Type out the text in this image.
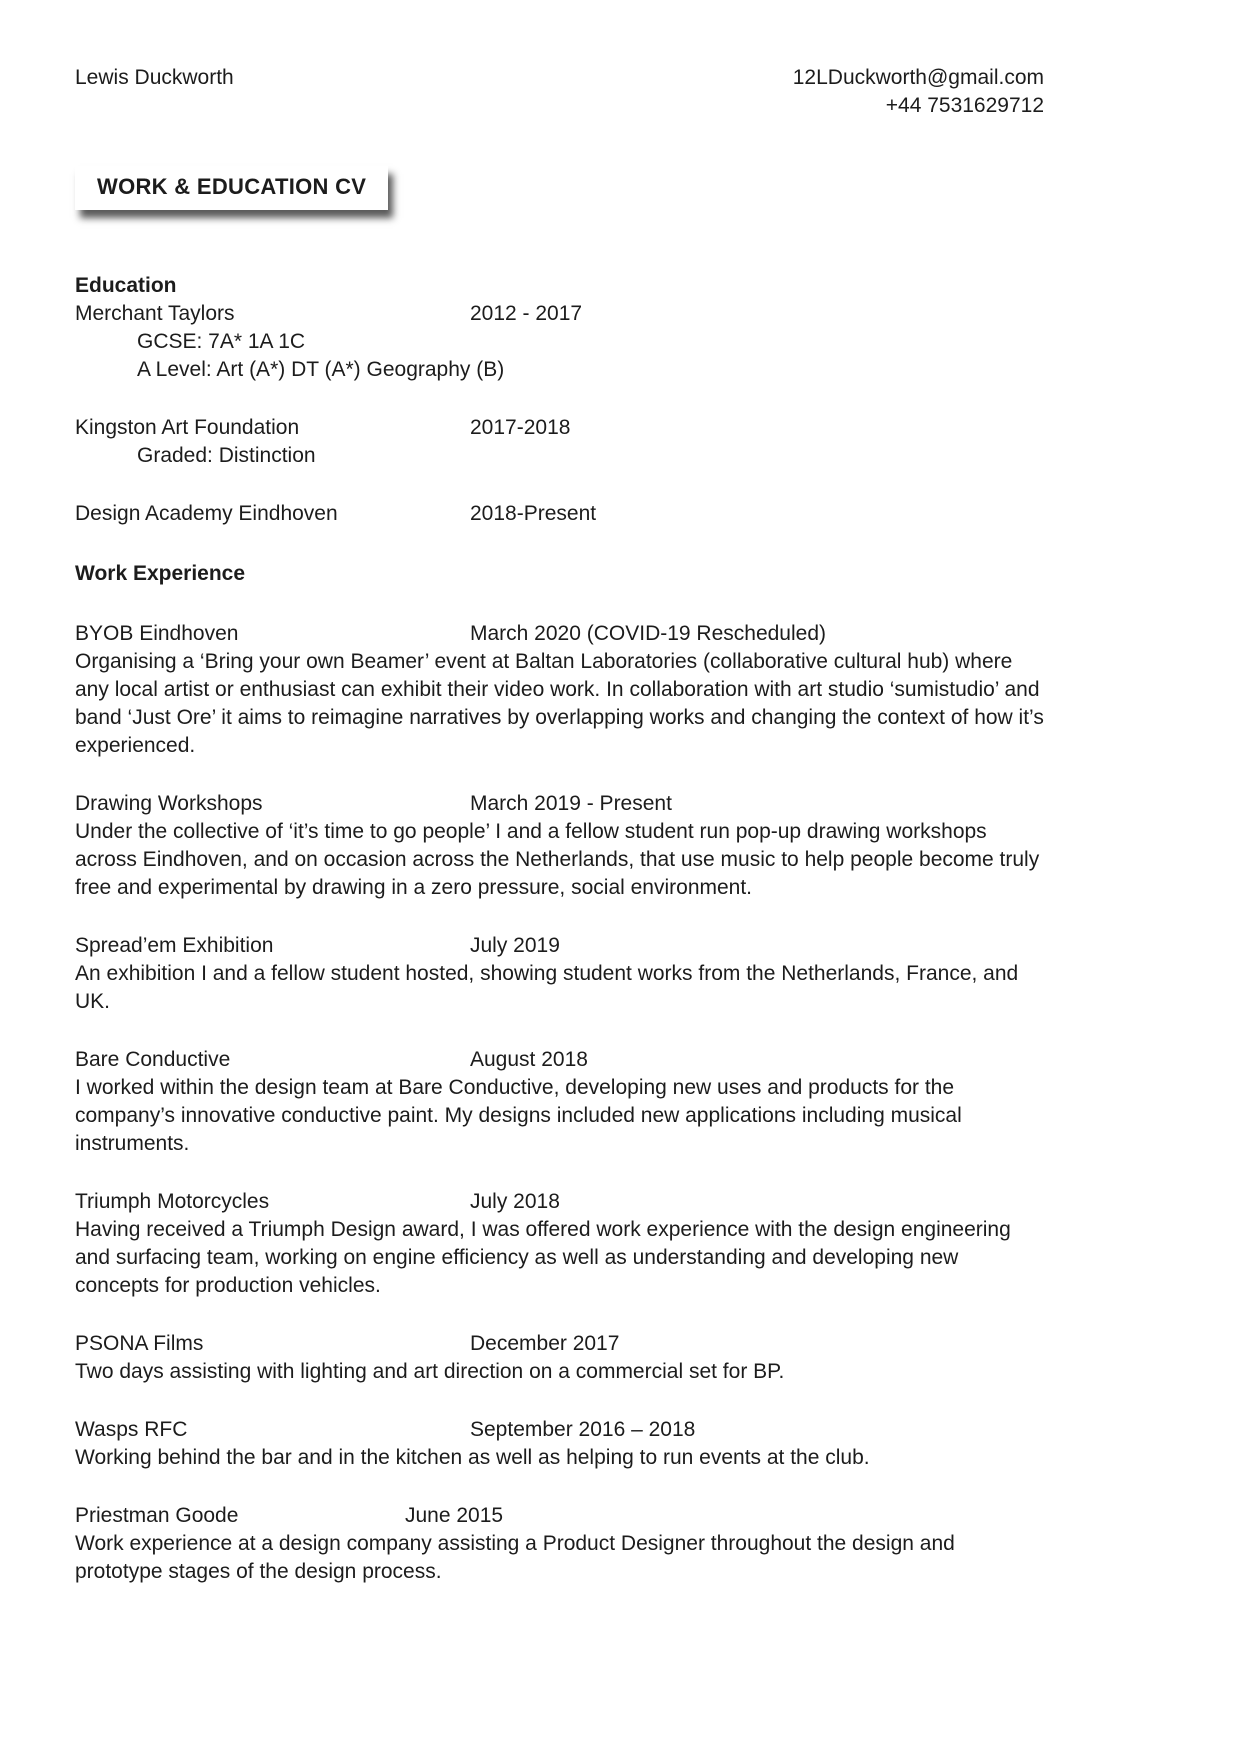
Lewis Duckworth	12LDuckworth@gmail.com
+44 7531629712
WORK & EDUCATION CV
Education
Merchant Taylors	2012 - 2017
GCSE: 7A* 1A 1C
A Level: Art (A*) DT (A*) Geography (B)
Kingston Art Foundation	2017-2018
Graded: Distinction
Design Academy Eindhoven	2018-Present
Work Experience
BYOB Eindhoven	March 2020 (COVID-19 Rescheduled)

Organising a ‘Bring your own Beamer’ event at Baltan Laboratories (collaborative cultural hub) where any local artist or enthusiast can exhibit their video work. In collaboration with art studio ‘sumistudio’ and band ‘Just Ore’ it aims to reimagine narratives by overlapping works and changing the context of how it’s experienced.

Drawing Workshops	March 2019 - Present

Under the collective of ‘it’s time to go people’ I and a fellow student run pop-up drawing workshops across Eindhoven, and on occasion across the Netherlands, that use music to help people become truly free and experimental by drawing in a zero pressure, social environment.

Spread’em Exhibition	July 2019

An exhibition I and a fellow student hosted, showing student works from the Netherlands, France, and UK.

Bare Conductive	August 2018

I worked within the design team at Bare Conductive, developing new uses and products for the company’s innovative conductive paint. My designs included new applications including musical instruments.

Triumph Motorcycles	July 2018

Having received a Triumph Design award, I was offered work experience with the design engineering and surfacing team, working on engine efficiency as well as understanding and developing new concepts for production vehicles.

PSONA Films	December 2017

Two days assisting with lighting and art direction on a commercial set for BP.

Wasps RFC	September 2016 – 2018

Working behind the bar and in the kitchen as well as helping to run events at the club.

Priestman Goode	June 2015

Work experience at a design company assisting a Product Designer throughout the design and prototype stages of the design process.
